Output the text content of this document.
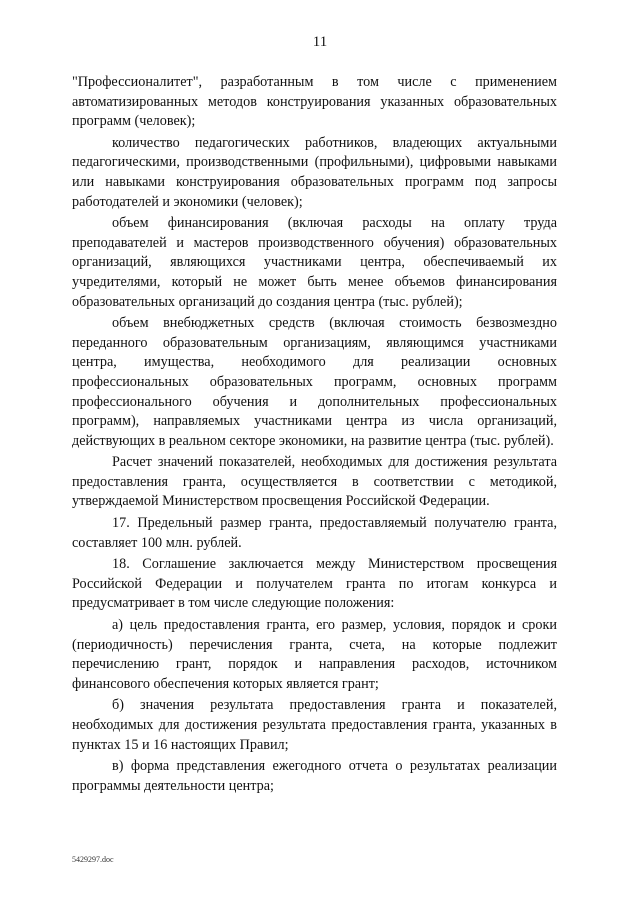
11

"Профессионалитет", разработанным в том числе с применением автоматизированных методов конструирования указанных образовательных программ (человек);

количество педагогических работников, владеющих актуальными педагогическими, производственными (профильными), цифровыми навыками или навыками конструирования образовательных программ под запросы работодателей и экономики (человек);

объем финансирования (включая расходы на оплату труда преподавателей и мастеров производственного обучения) образовательных организаций, являющихся участниками центра, обеспечиваемый их учредителями, который не может быть менее объемов финансирования образовательных организаций до создания центра (тыс. рублей);

объем внебюджетных средств (включая стоимость безвозмездно переданного образовательным организациям, являющимся участниками центра, имущества, необходимого для реализации основных профессиональных образовательных программ, основных программ профессионального обучения и дополнительных профессиональных программ), направляемых участниками центра из числа организаций, действующих в реальном секторе экономики, на развитие центра (тыс. рублей).

Расчет значений показателей, необходимых для достижения результата предоставления гранта, осуществляется в соответствии с методикой, утверждаемой Министерством просвещения Российской Федерации.

17. Предельный размер гранта, предоставляемый получателю гранта, составляет 100 млн. рублей.

18. Соглашение заключается между Министерством просвещения Российской Федерации и получателем гранта по итогам конкурса и предусматривает в том числе следующие положения:

а) цель предоставления гранта, его размер, условия, порядок и сроки (периодичность) перечисления гранта, счета, на которые подлежит перечислению грант, порядок и направления расходов, источником финансового обеспечения которых является грант;

б) значения результата предоставления гранта и показателей, необходимых для достижения результата предоставления гранта, указанных в пунктах 15 и 16 настоящих Правил;

в) форма представления ежегодного отчета о результатах реализации программы деятельности центра;

5429297.doc
